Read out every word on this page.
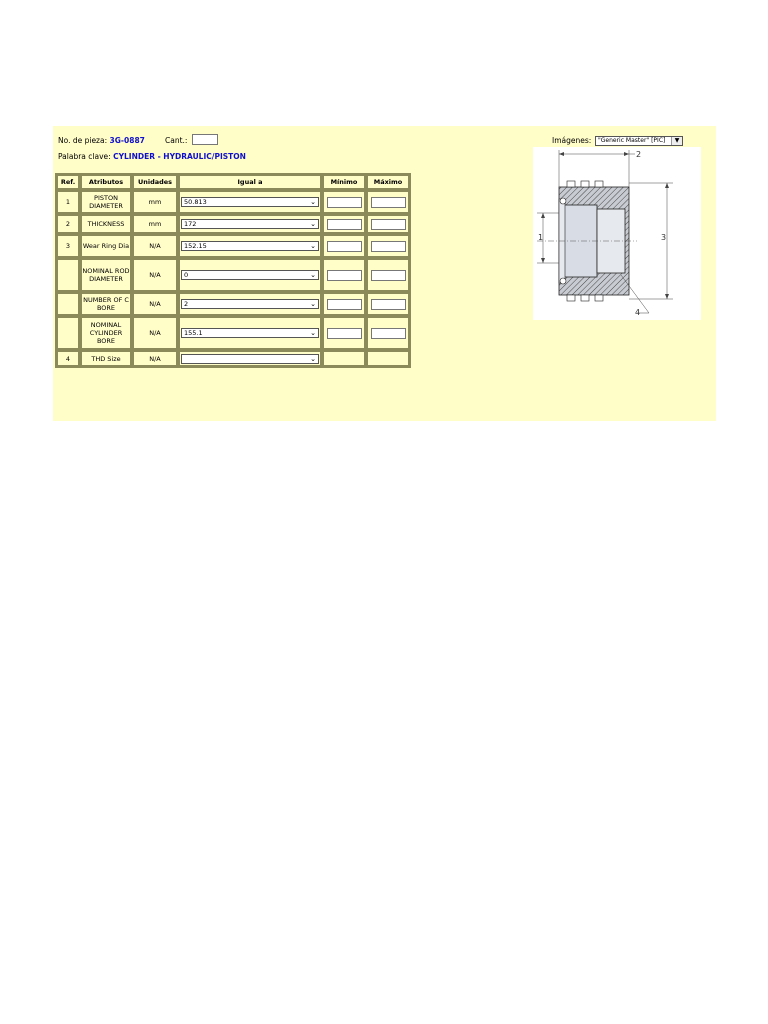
No. de pieza: 3G-0887	Cant.:
Palabra clave: CYLINDER - HYDRAULIC/PISTON
Imágenes:	"Generic Master" [PIC]	▼
Ref.	Atributos	Unidades	Igual a	Mínimo	Máximo
1	PISTON DIAMETER	mm	50.813 ⌄

2	THICKNESS	mm	172 ⌄

3	Wear Ring Dia	N/A	152.15 ⌄

	NOMINAL ROD DIAMETER	N/A	0 ⌄

	NUMBER OF C BORE	N/A	2 ⌄

	NOMINAL CYLINDER BORE	N/A	155.1 ⌄

4	THD Size	N/A	⌄		

2
3
1
4
